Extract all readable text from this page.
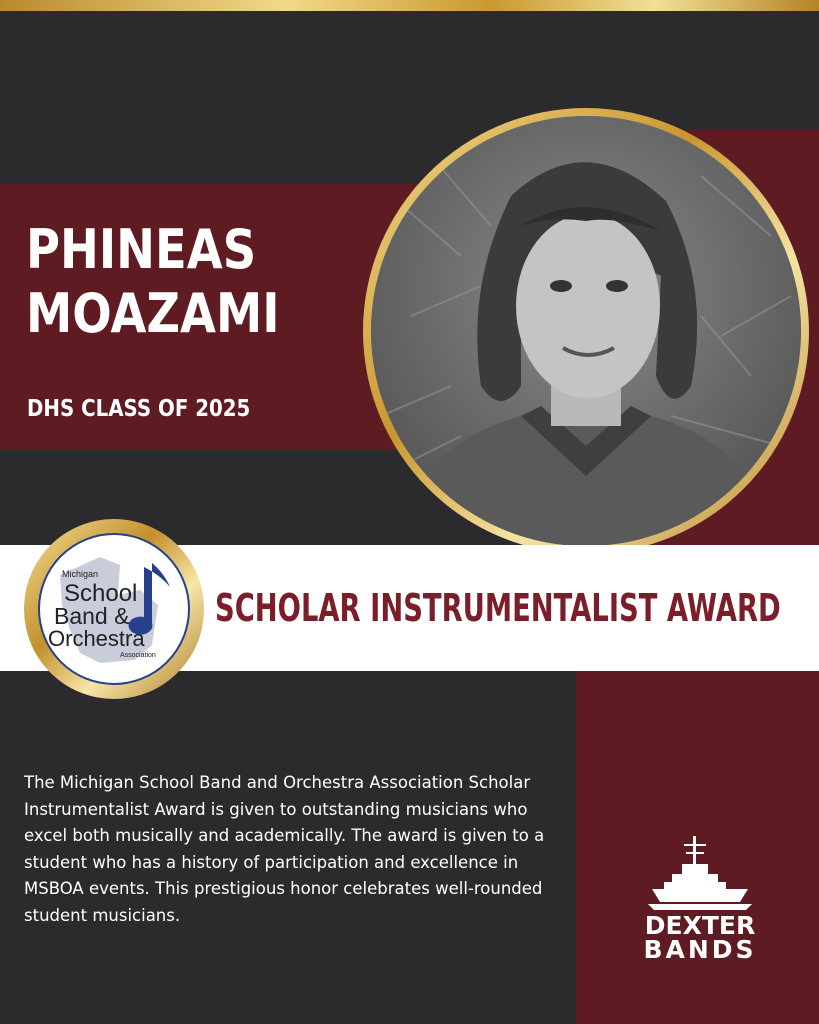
PHINEAS
MOAZAMI
DHS CLASS OF 2025
SCHOLAR INSTRUMENTALIST AWARD
Michigan
School
Band &
Orchestra
Association
The Michigan School Band and Orchestra Association Scholar Instrumentalist Award is given to outstanding musicians who excel both musically and academically. The award is given to a student who has a history of participation and excellence in MSBOA events. This prestigious honor celebrates well-rounded student musicians.	DEXTER
BANDS
